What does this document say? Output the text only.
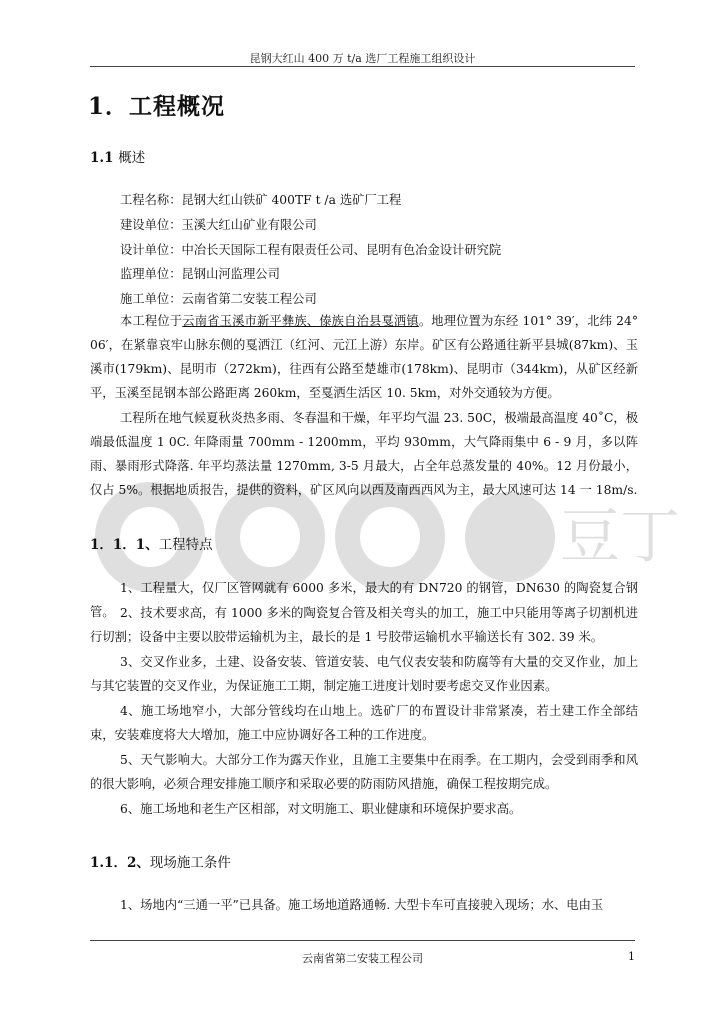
豆丁
昆钢大红山 400 万 t/a 选厂工程施工组织设计
1．工程概况
1.1 概述
工程名称：昆钢大红山铁矿 400TF t /a 选矿厂工程
建设单位：玉溪大红山矿业有限公司
设计单位：中冶长天国际工程有限责任公司、昆明有色冶金设计研究院
监理单位：昆钢山河监理公司
施工单位：云南省第二安装工程公司

本工程位于云南省玉溪市新平彝族、傣族自治县戛洒镇。地理位置为东经 101° 39′，北纬 24° 06′，在紧靠哀牢山脉东侧的戛洒江（红河、元江上游）东岸。矿区有公路通往新平县城(87km)、玉溪市(179km)、昆明市（272km)，往西有公路至楚雄市(178km)、昆明市（344km)，从矿区经新平，玉溪至昆钢本部公路距离 260km，至戛洒生活区 10. 5km，对外交通较为方便。

工程所在地气候夏秋炎热多雨、冬春温和干燥，年平均气温 23. 50C，极端最高温度 40˚C，极端最低温度 1 0C. 年降雨量 700mm - 1200mm，平均 930mm，大气降雨集中 6 - 9 月，多以阵雨、暴雨形式降落. 年平均蒸法量 1270mm, 3-5 月最大，占全年总蒸发量的 40%。12 月份最小，仅占 5%。根据地质报告，提供的资料，矿区风向以西及南西西风为主，最大风速可达 14 一 18m/s.

1．1．1、工程特点

1、工程量大，仅厂区管网就有 6000 多米，最大的有 DN720 的钢管，DN630 的陶瓷复合钢管。 2、技术要求高，有 1000 多米的陶瓷复合管及相关弯头的加工，施工中只能用等离子切割机进行切割；设备中主要以胶带运输机为主，最长的是 1 号胶带运输机水平输送长有 302. 39 米。

3、交叉作业多，土建、设备安装、管道安装、电气仪表安装和防腐等有大量的交叉作业，加上与其它装置的交叉作业，为保证施工工期，制定施工进度计划时要考虑交叉作业因素。

4、施工场地窄小，大部分管线均在山地上。选矿厂的布置设计非常紧凑，若土建工作全部结束，安装难度将大大增加，施工中应协调好各工种的工作进度。

5、天气影响大。大部分工作为露天作业，且施工主要集中在雨季。在工期内，会受到雨季和风的很大影响，必须合理安排施工顺序和采取必要的防雨防风措施，确保工程按期完成。

6、施工场地和老生产区相部，对文明施工、职业健康和环境保护要求高。

1.1．2、现场施工条件

1、场地内“三通一平”已具备。施工场地道路通畅. 大型卡车可直接驶入现场；水、电由玉

云南省第二安装工程公司	1
